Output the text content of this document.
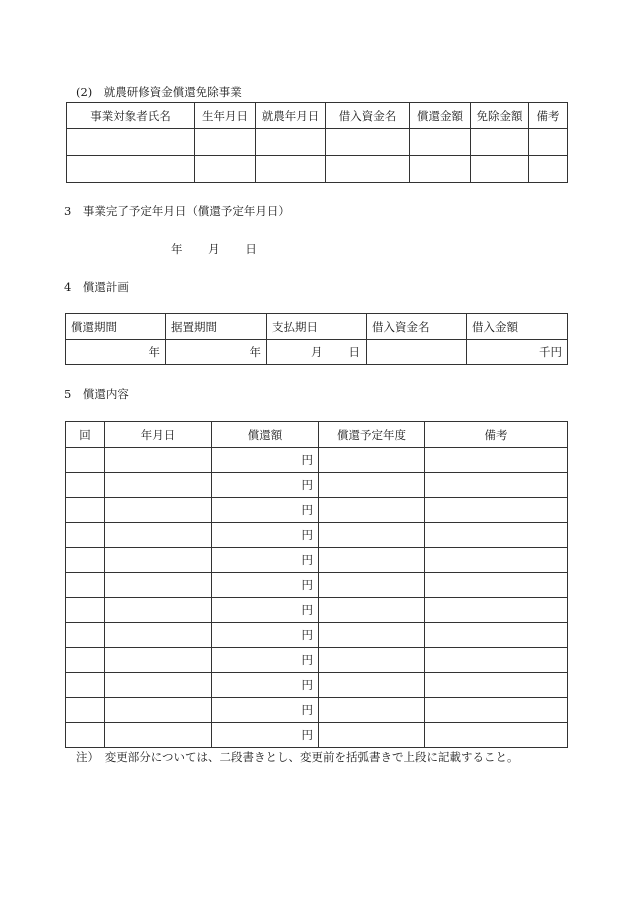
(2)　就農研修資金償還免除事業
事業対象者氏名	生年月日	就農年月日	借入資金名	償還金額	免除金額	備考

3　事業完了予定年月日（償還予定年月日）
年 月 日
4　償還計画
償還期間	据置期間	支払期日	借入資金名	借入金額
年	年	月 日		千円
5　償還内容
回	年月日	償還額	償還予定年度	備考
		円		
		円		
		円		
		円		
		円		
		円		
		円		
		円		
		円		
		円		
		円		
		円		
注）　変更部分については、二段書きとし、変更前を括弧書きで上段に記載すること。
